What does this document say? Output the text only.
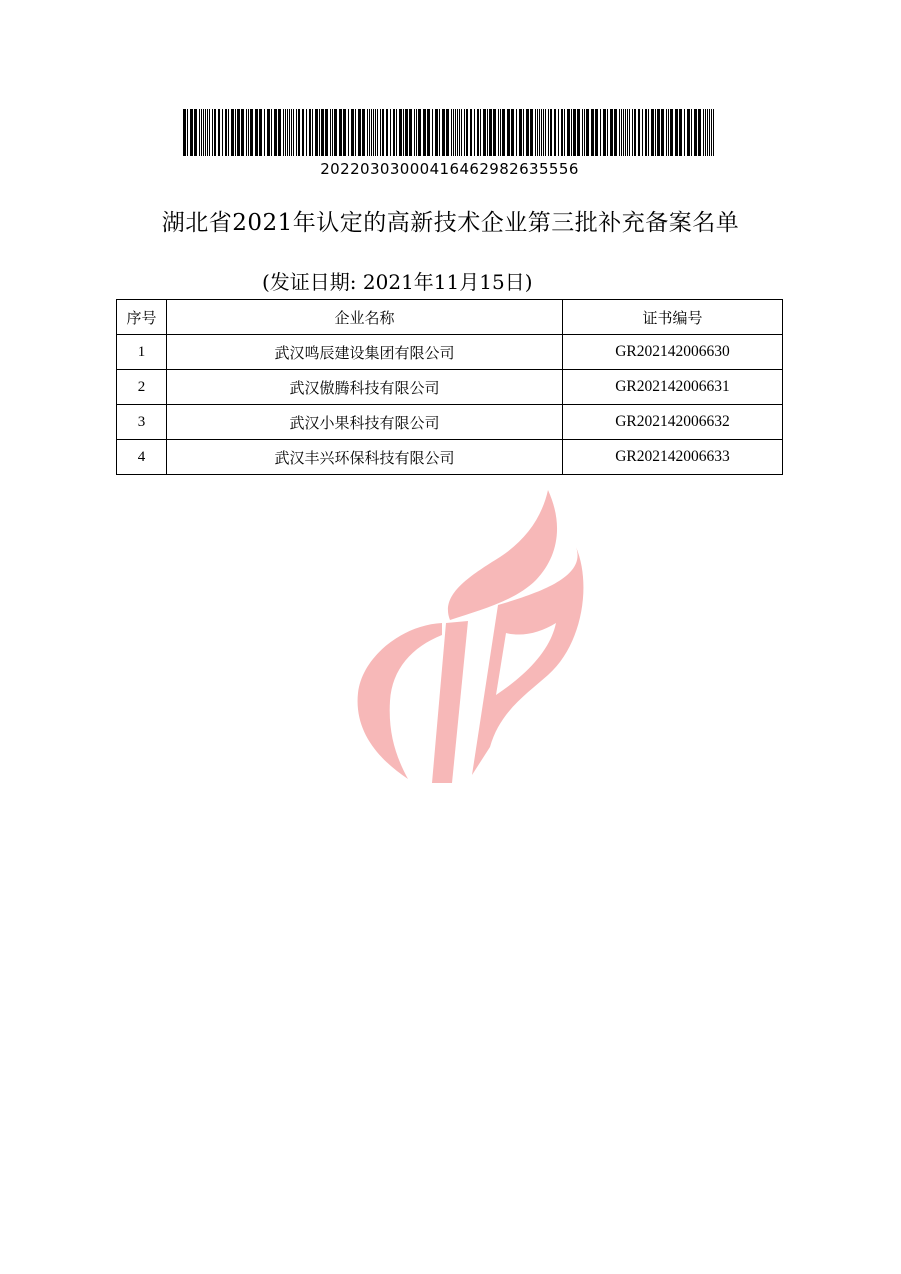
20220303000416462982635556
湖北省2021年认定的高新技术企业第三批补充备案名单
(发证日期: 2021年11月15日)
序号	企业名称	证书编号
1	武汉鸣辰建设集团有限公司	GR202142006630
2	武汉傲腾科技有限公司	GR202142006631
3	武汉小果科技有限公司	GR202142006632
4	武汉丰兴环保科技有限公司	GR202142006633
